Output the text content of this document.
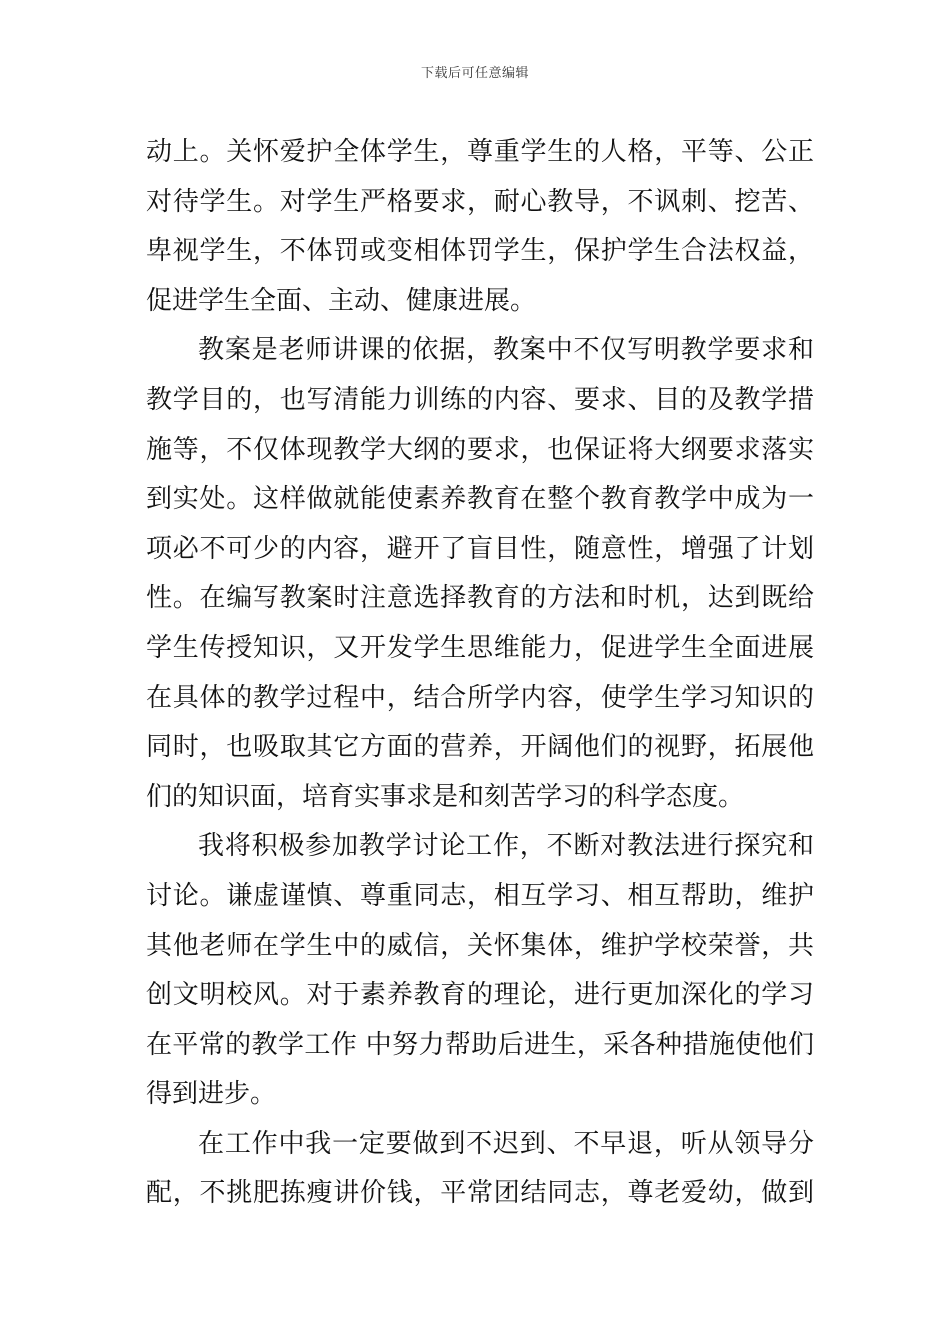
下载后可任意编辑
动上。关怀爱护全体学生，尊重学生的人格，平等、公正
对待学生。对学生严格要求，耐心教导，不讽刺、挖苦、
卑视学生，不体罚或变相体罚学生，保护学生合法权益，
促进学生全面、主动、健康进展。
教案是老师讲课的依据，教案中不仅写明教学要求和
教学目的，也写清能力训练的内容、要求、目的及教学措
施等，不仅体现教学大纲的要求，也保证将大纲要求落实
到实处。这样做就能使素养教育在整个教育教学中成为一
项必不可少的内容，避开了盲目性，随意性，增强了计划
性。在编写教案时注意选择教育的方法和时机，达到既给
学生传授知识，又开发学生思维能力，促进学生全面进展
在具体的教学过程中，结合所学内容，使学生学习知识的
同时，也吸取其它方面的营养，开阔他们的视野，拓展他
们的知识面，培育实事求是和刻苦学习的科学态度。
我将积极参加教学讨论工作，不断对教法进行探究和
讨论。谦虚谨慎、尊重同志，相互学习、相互帮助，维护
其他老师在学生中的威信，关怀集体，维护学校荣誉，共
创文明校风。对于素养教育的理论，进行更加深化的学习
在平常的教学工作 中努力帮助后进生，采各种措施使他们
得到进步。
在工作中我一定要做到不迟到、不早退，听从领导分
配，不挑肥拣瘦讲价钱，平常团结同志，尊老爱幼，做到
